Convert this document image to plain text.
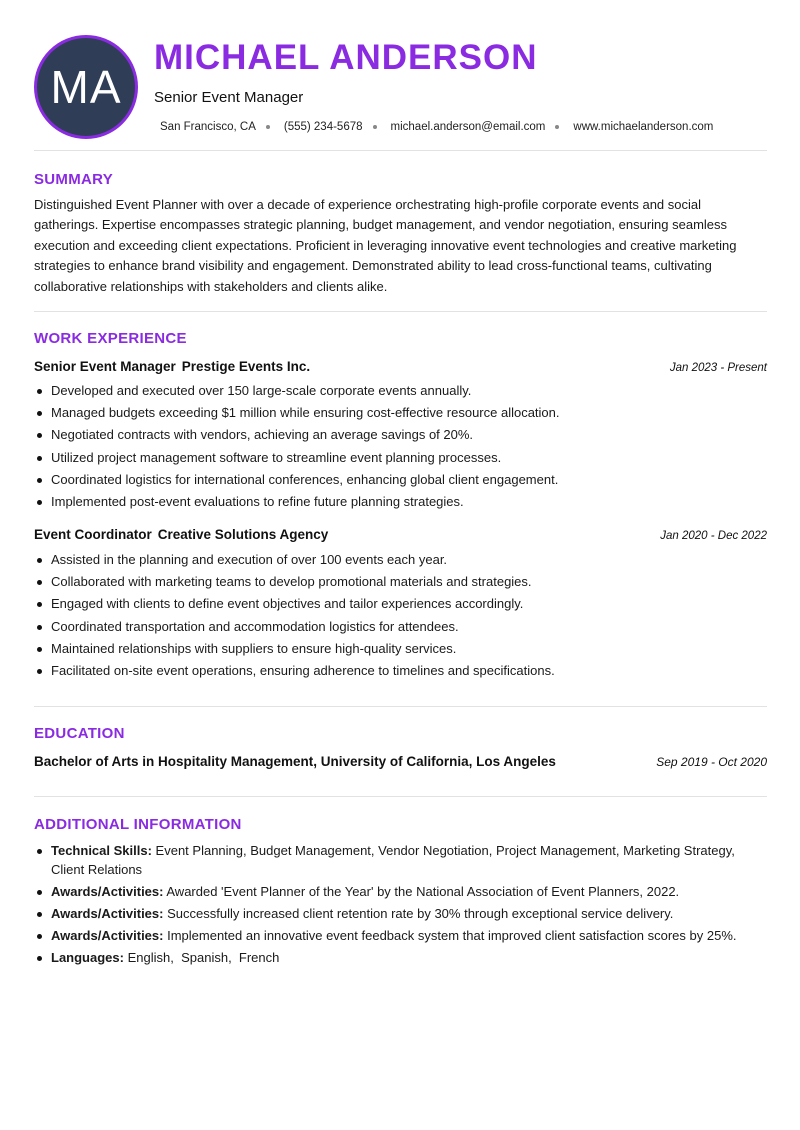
MA
MICHAEL ANDERSON
Senior Event Manager
San Francisco, CA (555) 234-5678 michael.anderson@email.com www.michaelanderson.com
SUMMARY

Distinguished Event Planner with over a decade of experience orchestrating high-profile corporate events and social gatherings. Expertise encompasses strategic planning, budget management, and vendor negotiation, ensuring seamless execution and exceeding client expectations. Proficient in leveraging innovative event technologies and creative marketing strategies to enhance brand visibility and engagement. Demonstrated ability to lead cross-functional teams, cultivating collaborative relationships with stakeholders and clients alike.

WORK EXPERIENCE
Senior Event Manager Prestige Events Inc.	Jan 2023 - Present
Developed and executed over 150 large-scale corporate events annually.
Managed budgets exceeding $1 million while ensuring cost-effective resource allocation.
Negotiated contracts with vendors, achieving an average savings of 20%.
Utilized project management software to streamline event planning processes.
Coordinated logistics for international conferences, enhancing global client engagement.
Implemented post-event evaluations to refine future planning strategies.
Event Coordinator Creative Solutions Agency	Jan 2020 - Dec 2022
Assisted in the planning and execution of over 100 events each year.
Collaborated with marketing teams to develop promotional materials and strategies.
Engaged with clients to define event objectives and tailor experiences accordingly.
Coordinated transportation and accommodation logistics for attendees.
Maintained relationships with suppliers to ensure high-quality services.
Facilitated on-site event operations, ensuring adherence to timelines and specifications.
EDUCATION
Bachelor of Arts in Hospitality Management, University of California, Los Angeles	Sep 2019 - Oct 2020
ADDITIONAL INFORMATION
Technical Skills: Event Planning, Budget Management, Vendor Negotiation, Project Management, Marketing Strategy, Client Relations
Awards/Activities: Awarded 'Event Planner of the Year' by the National Association of Event Planners, 2022.
Awards/Activities: Successfully increased client retention rate by 30% through exceptional service delivery.
Awards/Activities: Implemented an innovative event feedback system that improved client satisfaction scores by 25%.
Languages: English , Spanish , French
